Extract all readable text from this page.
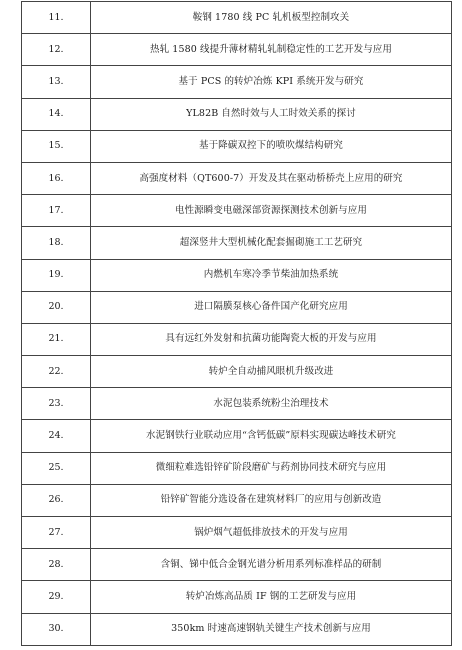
11.	鞍钢 1780 线 PC 轧机板型控制攻关
12.	热轧 1580 线提升薄材精轧轧制稳定性的工艺开发与应用
13.	基于 PCS 的转炉冶炼 KPI 系统开发与研究
14.	YL82B 自然时效与人工时效关系的探讨
15.	基于降碳双控下的喷吹煤结构研究
16.	高强度材料（QT600-7）开发及其在驱动桥桥壳上应用的研究
17.	电性源瞬变电磁深部资源探测技术创新与应用
18.	超深竖井大型机械化配套掘砌施工工艺研究
19.	内燃机车寒冷季节柴油加热系统
20.	进口隔膜泵核心备件国产化研究应用
21.	具有远红外发射和抗菌功能陶瓷大板的开发与应用
22.	转炉全自动捕风眼机升级改进
23.	水泥包装系统粉尘治理技术
24.	水泥钢铁行业联动应用“含钙低碳”原料实现碳达峰技术研究
25.	微细粒难选铅锌矿阶段磨矿与药剂协同技术研究与应用
26.	铅锌矿智能分选设备在建筑材料厂的应用与创新改造
27.	锅炉烟气超低排放技术的开发与应用
28.	含铜、锑中低合金钢光谱分析用系列标准样品的研制
29.	转炉冶炼高品质 IF 钢的工艺研发与应用
30.	350km 时速高速钢轨关键生产技术创新与应用
